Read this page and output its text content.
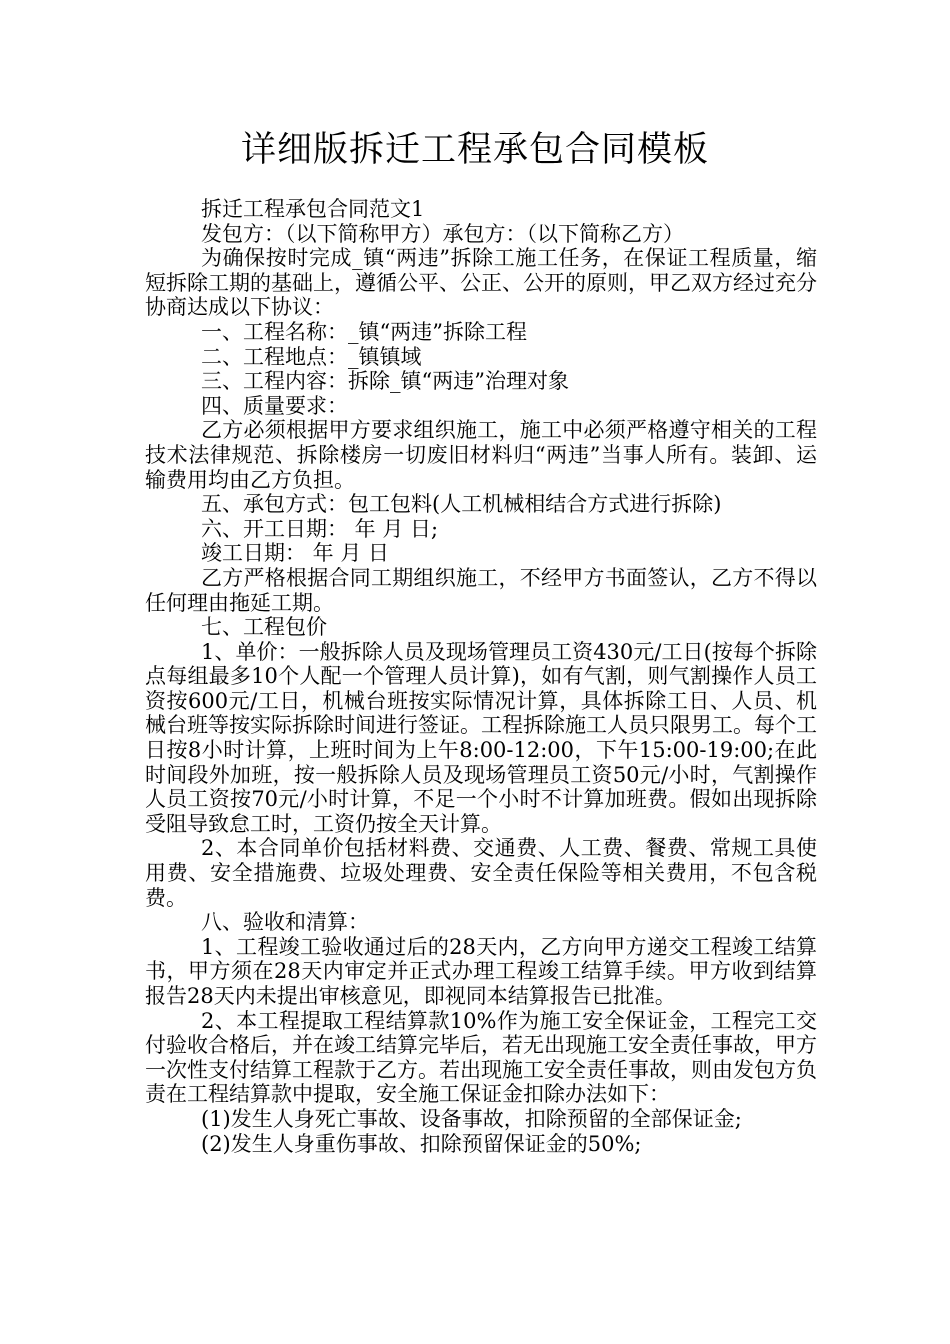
详细版拆迁工程承包合同模板

拆迁工程承包合同范文1

发包方：（以下简称甲方）承包方：（以下简称乙方）

为确保按时完成_镇“两违”拆除工施工任务，在保证工程质量，缩短拆除工期的基础上，遵循公平、公正、公开的原则，甲乙双方经过充分协商达成以下协议：

一、工程名称：_镇“两违”拆除工程

二、工程地点：_镇镇域

三、工程内容：拆除_镇“两违”治理对象

四、质量要求：

乙方必须根据甲方要求组织施工，施工中必须严格遵守相关的工程技术法律规范、拆除楼房一切废旧材料归“两违”当事人所有。装卸、运输费用均由乙方负担。

五、承包方式：包工包料(人工机械相结合方式进行拆除)

六、开工日期： 年 月 日;

竣工日期： 年 月 日

乙方严格根据合同工期组织施工，不经甲方书面签认，乙方不得以任何理由拖延工期。

七、工程包价

1、单价：一般拆除人员及现场管理员工资430元/工日(按每个拆除点每组最多10个人配一个管理人员计算)，如有气割，则气割操作人员工资按600元/工日，机械台班按实际情况计算，具体拆除工日、人员、机械台班等按实际拆除时间进行签证。工程拆除施工人员只限男工。每个工日按8小时计算，上班时间为上午8:00-12:00，下午15:00-19:00;在此时间段外加班，按一般拆除人员及现场管理员工资50元/小时，气割操作人员工资按70元/小时计算，不足一个小时不计算加班费。假如出现拆除受阻导致怠工时，工资仍按全天计算。

2、本合同单价包括材料费、交通费、人工费、餐费、常规工具使用费、安全措施费、垃圾处理费、安全责任保险等相关费用，不包含税费。

八、验收和清算：

1、工程竣工验收通过后的28天内，乙方向甲方递交工程竣工结算书，甲方须在28天内审定并正式办理工程竣工结算手续。甲方收到结算报告28天内未提出审核意见，即视同本结算报告已批准。

2、本工程提取工程结算款10%作为施工安全保证金，工程完工交付验收合格后，并在竣工结算完毕后，若无出现施工安全责任事故，甲方一次性支付结算工程款于乙方。若出现施工安全责任事故，则由发包方负责在工程结算款中提取，安全施工保证金扣除办法如下：

(1)发生人身死亡事故、设备事故，扣除预留的全部保证金;

(2)发生人身重伤事故、扣除预留保证金的50%;
